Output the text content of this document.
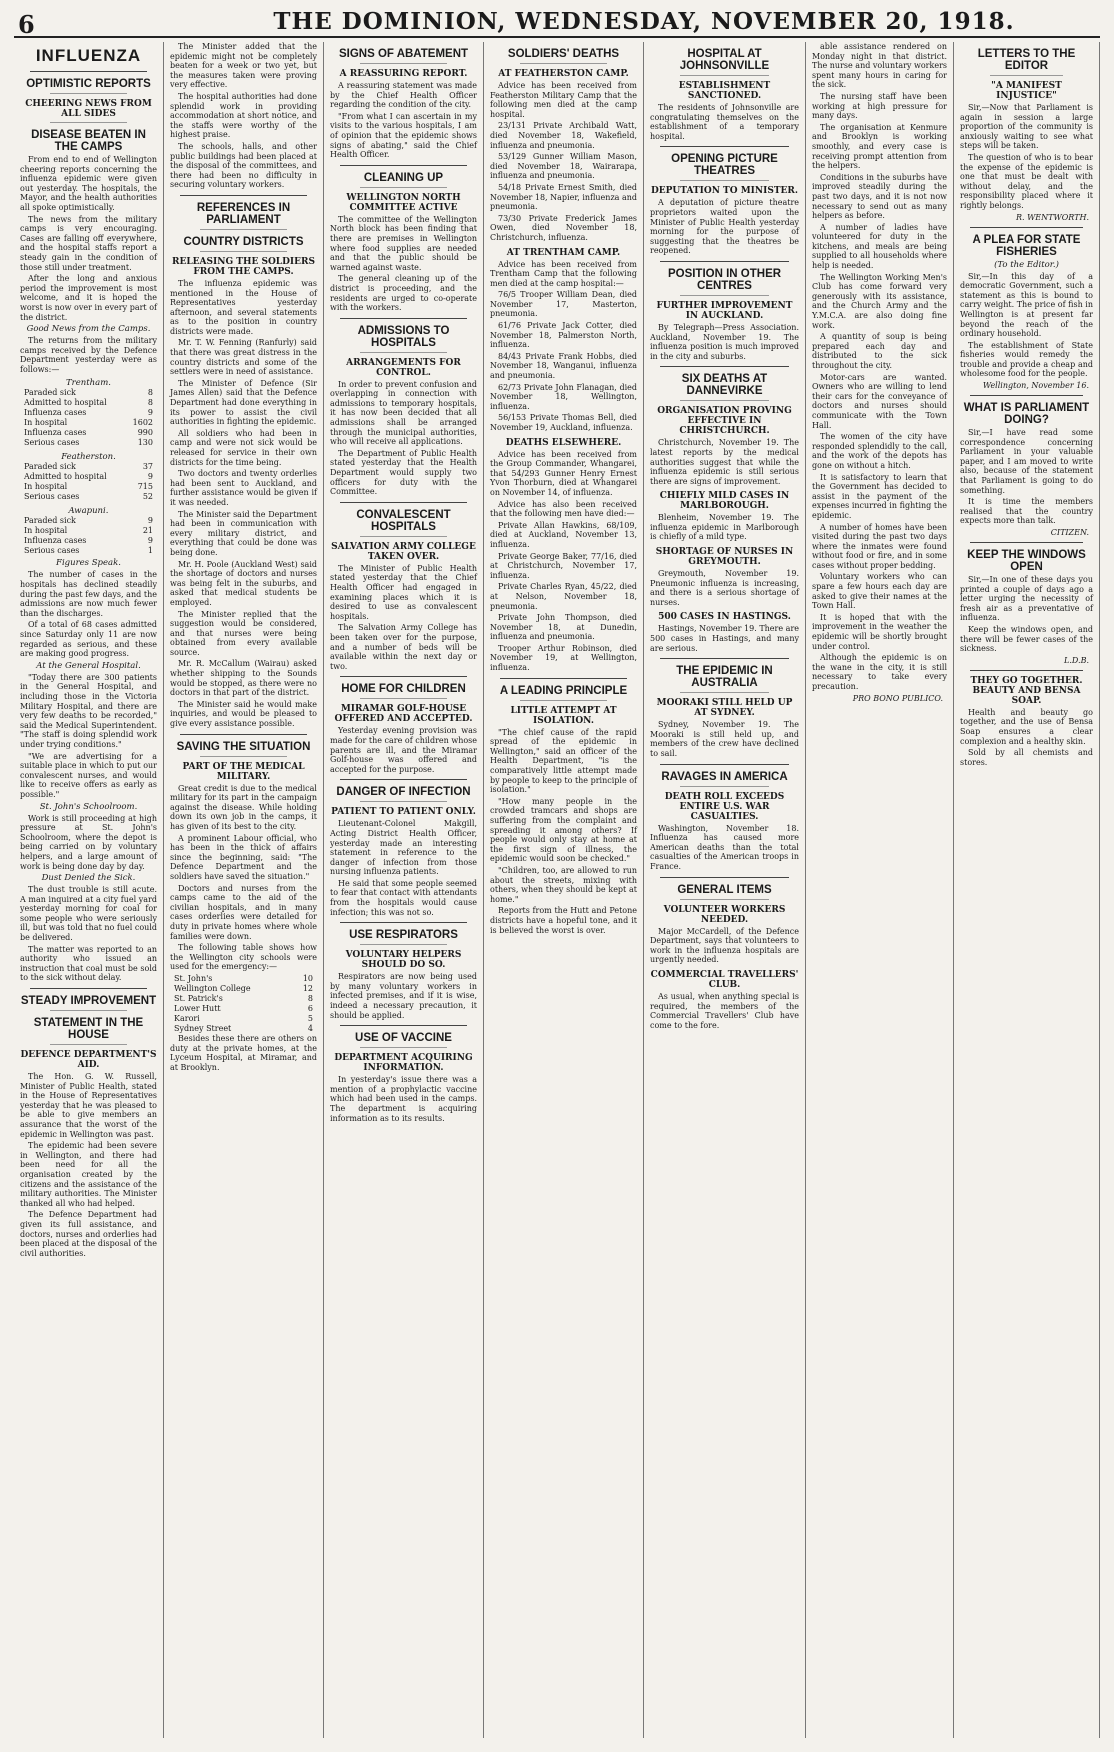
6	THE DOMINION, WEDNESDAY, NOVEMBER 20, 1918.
INFLUENZA
OPTIMISTIC REPORTS
CHEERING NEWS FROM ALL SIDES
DISEASE BEATEN IN THE CAMPS

From end to end of Wellington cheering reports concerning the influenza epidemic were given out yesterday. The hospitals, the Mayor, and the health authorities all spoke optimistically.

The news from the military camps is very encouraging. Cases are falling off everywhere, and the hospital staffs report a steady gain in the condition of those still under treatment.

After the long and anxious period the improvement is most welcome, and it is hoped the worst is now over in every part of the district.

Good News from the Camps.

The returns from the military camps received by the Defence Department yesterday were as follows:—

Trentham.
Paraded sick	8
Admitted to hospital	8
Influenza cases	9
In hospital	1602
Influenza cases	990
Serious cases	130
Featherston.
Paraded sick	37
Admitted to hospital	9
In hospital	715
Serious cases	52
Awapuni.
Paraded sick	9
In hospital	21
Influenza cases	9
Serious cases	1
Figures Speak.

The number of cases in the hospitals has declined steadily during the past few days, and the admissions are now much fewer than the discharges.

Of a total of 68 cases admitted since Saturday only 11 are now regarded as serious, and these are making good progress.

At the General Hospital.

"Today there are 300 patients in the General Hospital, and including those in the Victoria Military Hospital, and there are very few deaths to be recorded," said the Medical Superintendent. "The staff is doing splendid work under trying conditions."

"We are advertising for a suitable place in which to put our convalescent nurses, and would like to receive offers as early as possible."

St. John's Schoolroom.

Work is still proceeding at high pressure at St. John's Schoolroom, where the depot is being carried on by voluntary helpers, and a large amount of work is being done day by day.

Dust Denied the Sick.

The dust trouble is still acute. A man inquired at a city fuel yard yesterday morning for coal for some people who were seriously ill, but was told that no fuel could be delivered.

The matter was reported to an authority who issued an instruction that coal must be sold to the sick without delay.

STEADY IMPROVEMENT
STATEMENT IN THE HOUSE
DEFENCE DEPARTMENT'S AID.

The Hon. G. W. Russell, Minister of Public Health, stated in the House of Representatives yesterday that he was pleased to be able to give members an assurance that the worst of the epidemic in Wellington was past.

The epidemic had been severe in Wellington, and there had been need for all the organisation created by the citizens and the assistance of the military authorities. The Minister thanked all who had helped.

The Defence Department had given its full assistance, and doctors, nurses and orderlies had been placed at the disposal of the civil authorities.

The Minister added that the epidemic might not be completely beaten for a week or two yet, but the measures taken were proving very effective.

The hospital authorities had done splendid work in providing accommodation at short notice, and the staffs were worthy of the highest praise.

The schools, halls, and other public buildings had been placed at the disposal of the committees, and there had been no difficulty in securing voluntary workers.

REFERENCES IN PARLIAMENT
COUNTRY DISTRICTS
RELEASING THE SOLDIERS FROM THE CAMPS.

The influenza epidemic was mentioned in the House of Representatives yesterday afternoon, and several statements as to the position in country districts were made.

Mr. T. W. Fenning (Ranfurly) said that there was great distress in the country districts and some of the settlers were in need of assistance.

The Minister of Defence (Sir James Allen) said that the Defence Department had done everything in its power to assist the civil authorities in fighting the epidemic.

All soldiers who had been in camp and were not sick would be released for service in their own districts for the time being.

Two doctors and twenty orderlies had been sent to Auckland, and further assistance would be given if it was needed.

The Minister said the Department had been in communication with every military district, and everything that could be done was being done.

Mr. H. Poole (Auckland West) said the shortage of doctors and nurses was being felt in the suburbs, and asked that medical students be employed.

The Minister replied that the suggestion would be considered, and that nurses were being obtained from every available source.

Mr. R. McCallum (Wairau) asked whether shipping to the Sounds would be stopped, as there were no doctors in that part of the district.

The Minister said he would make inquiries, and would be pleased to give every assistance possible.

SAVING THE SITUATION
PART OF THE MEDICAL MILITARY.

Great credit is due to the medical military for its part in the campaign against the disease. While holding down its own job in the camps, it has given of its best to the city.

A prominent Labour official, who has been in the thick of affairs since the beginning, said: "The Defence Department and the soldiers have saved the situation."

Doctors and nurses from the camps came to the aid of the civilian hospitals, and in many cases orderlies were detailed for duty in private homes where whole families were down.

The following table shows how the Wellington city schools were used for the emergency:—

St. John's	10
Wellington College	12
St. Patrick's	8
Lower Hutt	6
Karori	5
Sydney Street	4

Besides these there are others on duty at the private homes, at the Lyceum Hospital, at Miramar, and at Brooklyn.

SIGNS OF ABATEMENT
A REASSURING REPORT.

A reassuring statement was made by the Chief Health Officer regarding the condition of the city.

"From what I can ascertain in my visits to the various hospitals, I am of opinion that the epidemic shows signs of abating," said the Chief Health Officer.

CLEANING UP
WELLINGTON NORTH COMMITTEE ACTIVE

The committee of the Wellington North block has been finding that there are premises in Wellington where food supplies are needed and that the public should be warned against waste.

The general cleaning up of the district is proceeding, and the residents are urged to co-operate with the workers.

ADMISSIONS TO HOSPITALS
ARRANGEMENTS FOR CONTROL.

In order to prevent confusion and overlapping in connection with admissions to temporary hospitals, it has now been decided that all admissions shall be arranged through the municipal authorities, who will receive all applications.

The Department of Public Health stated yesterday that the Health Department would supply two officers for duty with the Committee.

CONVALESCENT HOSPITALS
SALVATION ARMY COLLEGE TAKEN OVER.

The Minister of Public Health stated yesterday that the Chief Health Officer had engaged in examining places which it is desired to use as convalescent hospitals.

The Salvation Army College has been taken over for the purpose, and a number of beds will be available within the next day or two.

HOME FOR CHILDREN
MIRAMAR GOLF-HOUSE OFFERED AND ACCEPTED.

Yesterday evening provision was made for the care of children whose parents are ill, and the Miramar Golf-house was offered and accepted for the purpose.

DANGER OF INFECTION
PATIENT TO PATIENT ONLY.

Lieutenant-Colonel Makgill, Acting District Health Officer, yesterday made an interesting statement in reference to the danger of infection from those nursing influenza patients.

He said that some people seemed to fear that contact with attendants from the hospitals would cause infection; this was not so.

USE RESPIRATORS
VOLUNTARY HELPERS SHOULD DO SO.

Respirators are now being used by many voluntary workers in infected premises, and if it is wise, indeed a necessary precaution, it should be applied.

USE OF VACCINE
DEPARTMENT ACQUIRING INFORMATION.

In yesterday's issue there was a mention of a prophylactic vaccine which had been used in the camps. The department is acquiring information as to its results.

SOLDIERS' DEATHS
AT FEATHERSTON CAMP.

Advice has been received from Featherston Military Camp that the following men died at the camp hospital.

23/131 Private Archibald Watt, died November 18, Wakefield, influenza and pneumonia.

53/129 Gunner William Mason, died November 18, Wairarapa, influenza and pneumonia.

54/18 Private Ernest Smith, died November 18, Napier, influenza and pneumonia.

73/30 Private Frederick James Owen, died November 18, Christchurch, influenza.

AT TRENTHAM CAMP.

Advice has been received from Trentham Camp that the following men died at the camp hospital:—

76/5 Trooper William Dean, died November 17, Masterton, pneumonia.

61/76 Private Jack Cotter, died November 18, Palmerston North, influenza.

84/43 Private Frank Hobbs, died November 18, Wanganui, influenza and pneumonia.

62/73 Private John Flanagan, died November 18, Wellington, influenza.

56/153 Private Thomas Bell, died November 19, Auckland, influenza.

DEATHS ELSEWHERE.

Advice has been received from the Group Commander, Whangarei, that 54/293 Gunner Henry Ernest Yvon Thorburn, died at Whangarei on November 14, of influenza.

Advice has also been received that the following men have died:—

Private Allan Hawkins, 68/109, died at Auckland, November 13, influenza.

Private George Baker, 77/16, died at Christchurch, November 17, influenza.

Private Charles Ryan, 45/22, died at Nelson, November 18, pneumonia.

Private John Thompson, died November 18, at Dunedin, influenza and pneumonia.

Trooper Arthur Robinson, died November 19, at Wellington, influenza.

A LEADING PRINCIPLE
LITTLE ATTEMPT AT ISOLATION.

"The chief cause of the rapid spread of the epidemic in Wellington," said an officer of the Health Department, "is the comparatively little attempt made by people to keep to the principle of isolation."

"How many people in the crowded tramcars and shops are suffering from the complaint and spreading it among others? If people would only stay at home at the first sign of illness, the epidemic would soon be checked."

"Children, too, are allowed to run about the streets, mixing with others, when they should be kept at home."

Reports from the Hutt and Petone districts have a hopeful tone, and it is believed the worst is over.

HOSPITAL AT JOHNSONVILLE
ESTABLISHMENT SANCTIONED.

The residents of Johnsonville are congratulating themselves on the establishment of a temporary hospital.

OPENING PICTURE THEATRES
DEPUTATION TO MINISTER.

A deputation of picture theatre proprietors waited upon the Minister of Public Health yesterday morning for the purpose of suggesting that the theatres be reopened.

POSITION IN OTHER CENTRES
FURTHER IMPROVEMENT IN AUCKLAND.

By Telegraph—Press Association. Auckland, November 19. The influenza position is much improved in the city and suburbs.

SIX DEATHS AT DANNEVIRKE
ORGANISATION PROVING EFFECTIVE IN CHRISTCHURCH.

Christchurch, November 19. The latest reports by the medical authorities suggest that while the influenza epidemic is still serious there are signs of improvement.

CHIEFLY MILD CASES IN MARLBOROUGH.

Blenheim, November 19. The influenza epidemic in Marlborough is chiefly of a mild type.

SHORTAGE OF NURSES IN GREYMOUTH.

Greymouth, November 19. Pneumonic influenza is increasing, and there is a serious shortage of nurses.

500 CASES IN HASTINGS.

Hastings, November 19. There are 500 cases in Hastings, and many are serious.

THE EPIDEMIC IN AUSTRALIA
MOORAKI STILL HELD UP AT SYDNEY.

Sydney, November 19. The Mooraki is still held up, and members of the crew have declined to sail.

RAVAGES IN AMERICA
DEATH ROLL EXCEEDS ENTIRE U.S. WAR CASUALTIES.

Washington, November 18. Influenza has caused more American deaths than the total casualties of the American troops in France.

GENERAL ITEMS
VOLUNTEER WORKERS NEEDED.

Major McCardell, of the Defence Department, says that volunteers to work in the influenza hospitals are urgently needed.

COMMERCIAL TRAVELLERS' CLUB.

As usual, when anything special is required, the members of the Commercial Travellers' Club have come to the fore.

able assistance rendered on Monday night in that district. The nurse and voluntary workers spent many hours in caring for the sick.

The nursing staff have been working at high pressure for many days.

The organisation at Kenmure and Brooklyn is working smoothly, and every case is receiving prompt attention from the helpers.

Conditions in the suburbs have improved steadily during the past two days, and it is not now necessary to send out as many helpers as before.

A number of ladies have volunteered for duty in the kitchens, and meals are being supplied to all households where help is needed.

The Wellington Working Men's Club has come forward very generously with its assistance, and the Church Army and the Y.M.C.A. are also doing fine work.

A quantity of soup is being prepared each day and distributed to the sick throughout the city.

Motor-cars are wanted. Owners who are willing to lend their cars for the conveyance of doctors and nurses should communicate with the Town Hall.

The women of the city have responded splendidly to the call, and the work of the depots has gone on without a hitch.

It is satisfactory to learn that the Government has decided to assist in the payment of the expenses incurred in fighting the epidemic.

A number of homes have been visited during the past two days where the inmates were found without food or fire, and in some cases without proper bedding.

Voluntary workers who can spare a few hours each day are asked to give their names at the Town Hall.

It is hoped that with the improvement in the weather the epidemic will be shortly brought under control.

Although the epidemic is on the wane in the city, it is still necessary to take every precaution.

PRO BONO PUBLICO.
LETTERS TO THE EDITOR
"A MANIFEST INJUSTICE"

Sir,—Now that Parliament is again in session a large proportion of the community is anxiously waiting to see what steps will be taken.

The question of who is to bear the expense of the epidemic is one that must be dealt with without delay, and the responsibility placed where it rightly belongs.

R. WENTWORTH.
A PLEA FOR STATE FISHERIES
(To the Editor.)

Sir,—In this day of a democratic Government, such a statement as this is bound to carry weight. The price of fish in Wellington is at present far beyond the reach of the ordinary household.

The establishment of State fisheries would remedy the trouble and provide a cheap and wholesome food for the people.

Wellington, November 16.
WHAT IS PARLIAMENT DOING?

Sir,—I have read some correspondence concerning Parliament in your valuable paper, and I am moved to write also, because of the statement that Parliament is going to do something.

It is time the members realised that the country expects more than talk.

CITIZEN.
KEEP THE WINDOWS OPEN

Sir,—In one of these days you printed a couple of days ago a letter urging the necessity of fresh air as a preventative of influenza.

Keep the windows open, and there will be fewer cases of the sickness.

L.D.B.
THEY GO TOGETHER. BEAUTY AND BENSA SOAP.

Health and beauty go together, and the use of Bensa Soap ensures a clear complexion and a healthy skin.

Sold by all chemists and stores.
